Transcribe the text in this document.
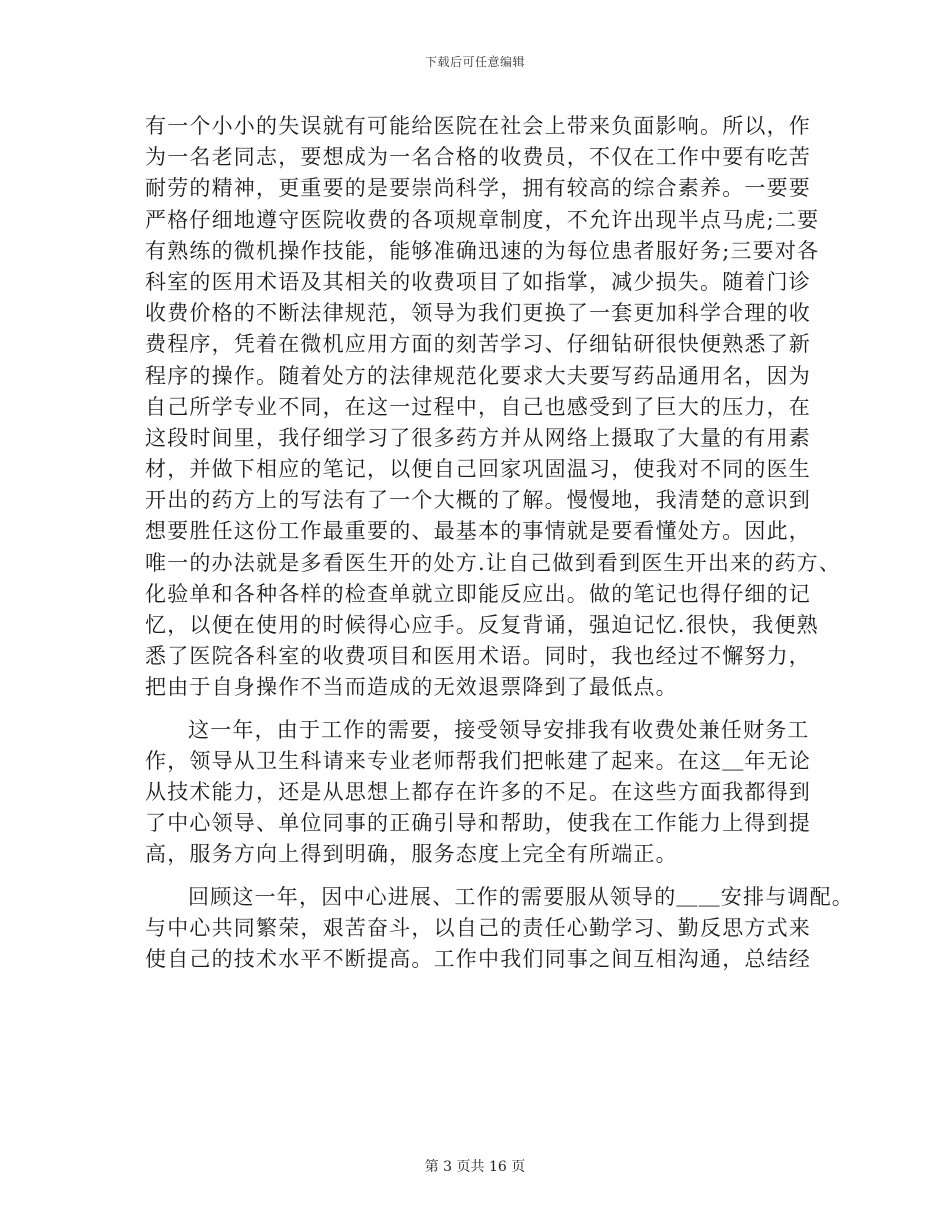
下载后可任意编辑
有一个小小的失误就有可能给医院在社会上带来负面影响。所以，作
为一名老同志，要想成为一名合格的收费员，不仅在工作中要有吃苦
耐劳的精神，更重要的是要崇尚科学，拥有较高的综合素养。一要要
严格仔细地遵守医院收费的各项规章制度，不允许出现半点马虎;二要
有熟练的微机操作技能，能够准确迅速的为每位患者服好务;三要对各
科室的医用术语及其相关的收费项目了如指掌，减少损失。随着门诊
收费价格的不断法律规范，领导为我们更换了一套更加科学合理的收
费程序，凭着在微机应用方面的刻苦学习、仔细钻研很快便熟悉了新
程序的操作。随着处方的法律规范化要求大夫要写药品通用名，因为
自己所学专业不同，在这一过程中，自己也感受到了巨大的压力，在
这段时间里，我仔细学习了很多药方并从网络上摄取了大量的有用素
材，并做下相应的笔记，以便自己回家巩固温习，使我对不同的医生
开出的药方上的写法有了一个大概的了解。慢慢地，我清楚的意识到
想要胜任这份工作最重要的、最基本的事情就是要看懂处方。因此，
唯一的办法就是多看医生开的处方.让自己做到看到医生开出来的药方、
化验单和各种各样的检查单就立即能反应出。做的笔记也得仔细的记
忆，以便在使用的时候得心应手。反复背诵，强迫记忆.很快，我便熟
悉了医院各科室的收费项目和医用术语。同时，我也经过不懈努力，
把由于自身操作不当而造成的无效退票降到了最低点。
这一年，由于工作的需要，接受领导安排我有收费处兼任财务工
作，领导从卫生科请来专业老师帮我们把帐建了起来。在这＿年无论
从技术能力，还是从思想上都存在许多的不足。在这些方面我都得到
了中心领导、单位同事的正确引导和帮助，使我在工作能力上得到提
高，服务方向上得到明确，服务态度上完全有所端正。
回顾这一年，因中心进展、工作的需要服从领导的＿＿安排与调配。
与中心共同繁荣，艰苦奋斗，以自己的责任心勤学习、勤反思方式来
使自己的技术水平不断提高。工作中我们同事之间互相沟通，总结经
第 3 页共 16 页
